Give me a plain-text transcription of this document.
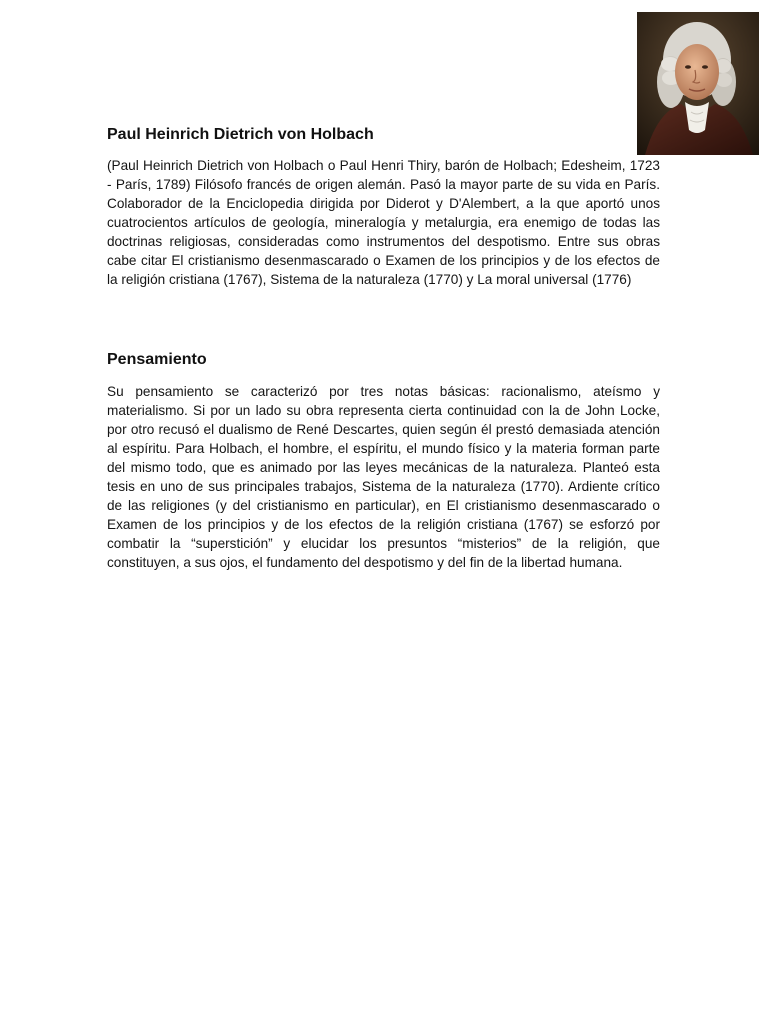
Paul Heinrich Dietrich von Holbach

(Paul Heinrich Dietrich von Holbach o Paul Henri Thiry, barón de Holbach; Edesheim, 1723 - París, 1789) Filósofo francés de origen alemán. Pasó la mayor parte de su vida en París. Colaborador de la Enciclopedia dirigida por Diderot y D'Alembert, a la que aportó unos cuatrocientos artículos de geología, mineralogía y metalurgia, era enemigo de todas las doctrinas religiosas, consideradas como instrumentos del despotismo. Entre sus obras cabe citar El cristianismo desenmascarado o Examen de los principios y de los efectos de la religión cristiana (1767), Sistema de la naturaleza (1770) y La moral universal (1776)

Pensamiento

Su pensamiento se caracterizó por tres notas básicas: racionalismo, ateísmo y materialismo. Si por un lado su obra representa cierta continuidad con la de John Locke, por otro recusó el dualismo de René Descartes, quien según él prestó demasiada atención al espíritu. Para Holbach, el hombre, el espíritu, el mundo físico y la materia forman parte del mismo todo, que es animado por las leyes mecánicas de la naturaleza. Planteó esta tesis en uno de sus principales trabajos, Sistema de la naturaleza (1770). Ardiente crítico de las religiones (y del cristianismo en particular), en El cristianismo desenmascarado o Examen de los principios y de los efectos de la religión cristiana (1767) se esforzó por combatir la “superstición” y elucidar los presuntos “misterios” de la religión, que constituyen, a sus ojos, el fundamento del despotismo y del fin de la libertad humana.
